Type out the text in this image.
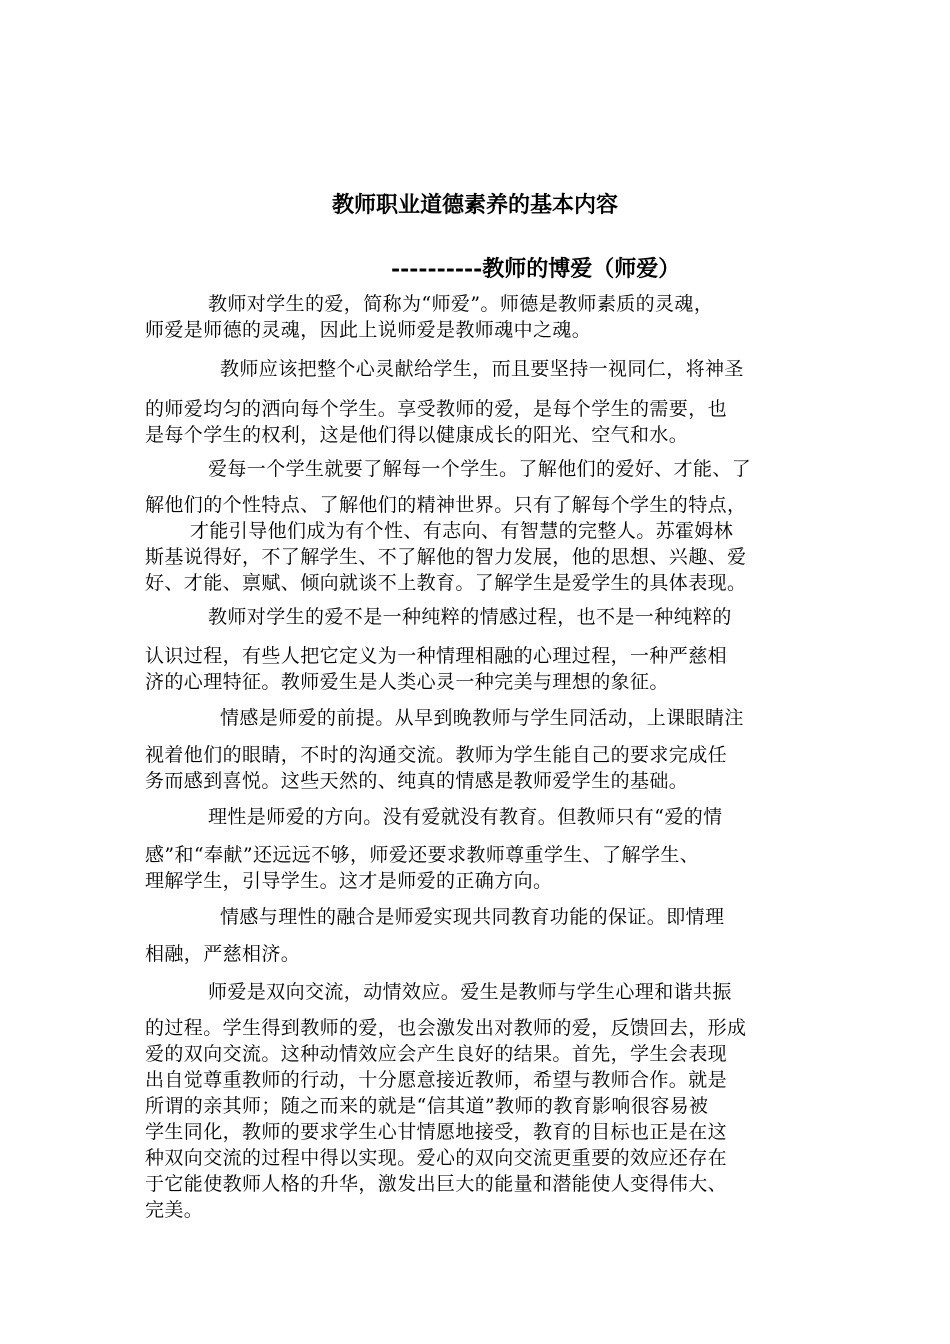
教师职业道德素养的基本内容
----------教师的博爱（师爱）
教师对学生的爱，简称为“师爱”。师德是教师素质的灵魂，
师爱是师德的灵魂，因此上说师爱是教师魂中之魂。
教师应该把整个心灵献给学生，而且要坚持一视同仁，将神圣
的师爱均匀的洒向每个学生。享受教师的爱，是每个学生的需要，也
是每个学生的权利，这是他们得以健康成长的阳光、空气和水。
爱每一个学生就要了解每一个学生。了解他们的爱好、才能、了
解他们的个性特点、了解他们的精神世界。只有了解每个学生的特点，
才能引导他们成为有个性、有志向、有智慧的完整人。苏霍姆林
斯基说得好，不了解学生、不了解他的智力发展，他的思想、兴趣、爱
好、才能、禀赋、倾向就谈不上教育。了解学生是爱学生的具体表现。
教师对学生的爱不是一种纯粹的情感过程，也不是一种纯粹的
认识过程，有些人把它定义为一种情理相融的心理过程，一种严慈相
济的心理特征。教师爱生是人类心灵一种完美与理想的象征。
情感是师爱的前提。从早到晚教师与学生同活动，上课眼睛注
视着他们的眼睛，不时的沟通交流。教师为学生能自己的要求完成任
务而感到喜悦。这些天然的、纯真的情感是教师爱学生的基础。
理性是师爱的方向。没有爱就没有教育。但教师只有“爱的情
感”和“奉献”还远远不够，师爱还要求教师尊重学生、了解学生、
理解学生，引导学生。这才是师爱的正确方向。
情感与理性的融合是师爱实现共同教育功能的保证。即情理
相融，严慈相济。
师爱是双向交流，动情效应。爱生是教师与学生心理和谐共振
的过程。学生得到教师的爱，也会激发出对教师的爱，反馈回去，形成
爱的双向交流。这种动情效应会产生良好的结果。首先，学生会表现
出自觉尊重教师的行动，十分愿意接近教师，希望与教师合作。就是
所谓的亲其师；随之而来的就是“信其道”教师的教育影响很容易被
学生同化，教师的要求学生心甘情愿地接受，教育的目标也正是在这
种双向交流的过程中得以实现。爱心的双向交流更重要的效应还存在
于它能使教师人格的升华，激发出巨大的能量和潜能使人变得伟大、
完美。
